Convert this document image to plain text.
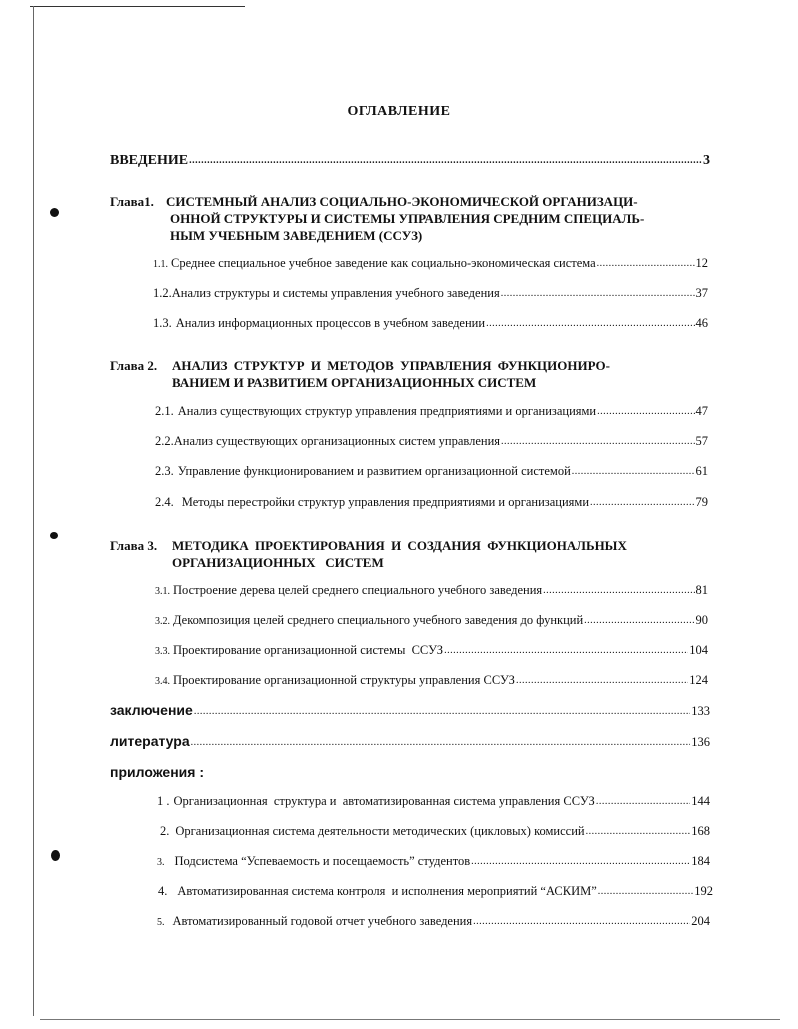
ОГЛАВЛЕНИЕ
ВВЕДЕНИЕ .....	3
Глава1. СИСТЕМНЫЙ АНАЛИЗ СОЦИАЛЬНО-ЭКОНОМИЧЕСКОЙ ОРГАНИЗАЦИ-
ОННОЙ СТРУКТУРЫ И СИСТЕМЫ УПРАВЛЕНИЯ СРЕДНИМ СПЕЦИАЛЬ-
НЫМ УЧЕБНЫМ ЗАВЕДЕНИЕМ (ССУЗ)
1.1. Среднее специальное учебное заведение как социально-экономическая система .....	12
1.2. Анализ структуры и системы управления учебного заведения .....	37
1.3. Анализ информационных процессов в учебном заведении .....	46
Глава 2. АНАЛИЗ СТРУКТУР И МЕТОДОВ УПРАВЛЕНИЯ ФУНКЦИОНИРО-
ВАНИЕМ И РАЗВИТИЕМ ОРГАНИЗАЦИОННЫХ СИСТЕМ
2.1. Анализ существующих структур управления предприятиями и организациями .....	47
2.2. Анализ существующих организационных систем управления .....	57
2.3. Управление функционированием и развитием организационной системой .....	61
2.4. Методы перестройки структур управления предприятиями и организациями .....	79
Глава 3. МЕТОДИКА ПРОЕКТИРОВАНИЯ И СОЗДАНИЯ ФУНКЦИОНАЛЬНЫХ
ОРГАНИЗАЦИОННЫХ   СИСТЕМ
3.1. Построение дерева целей среднего специального учебного заведения .....	81
3.2. Декомпозиция целей среднего специального учебного заведения до функций .....	90
3.3. Проектирование организационной системы  ССУЗ .....	104
3.4. Проектирование организационной структуры управления ССУЗ .....	124
заключение .....	133
литература .....	136
приложения :
1 . Организационная  структура и  автоматизированная система управления ССУЗ .....	144
2. Организационная система деятельности методических (цикловых) комиссий .....	168
3. Подсистема “Успеваемость и посещаемость” студентов .....	184
4. Автоматизированная система контроля  и исполнения мероприятий “АСКИМ” .....	192
5. Автоматизированный годовой отчет учебного заведения .....	204
